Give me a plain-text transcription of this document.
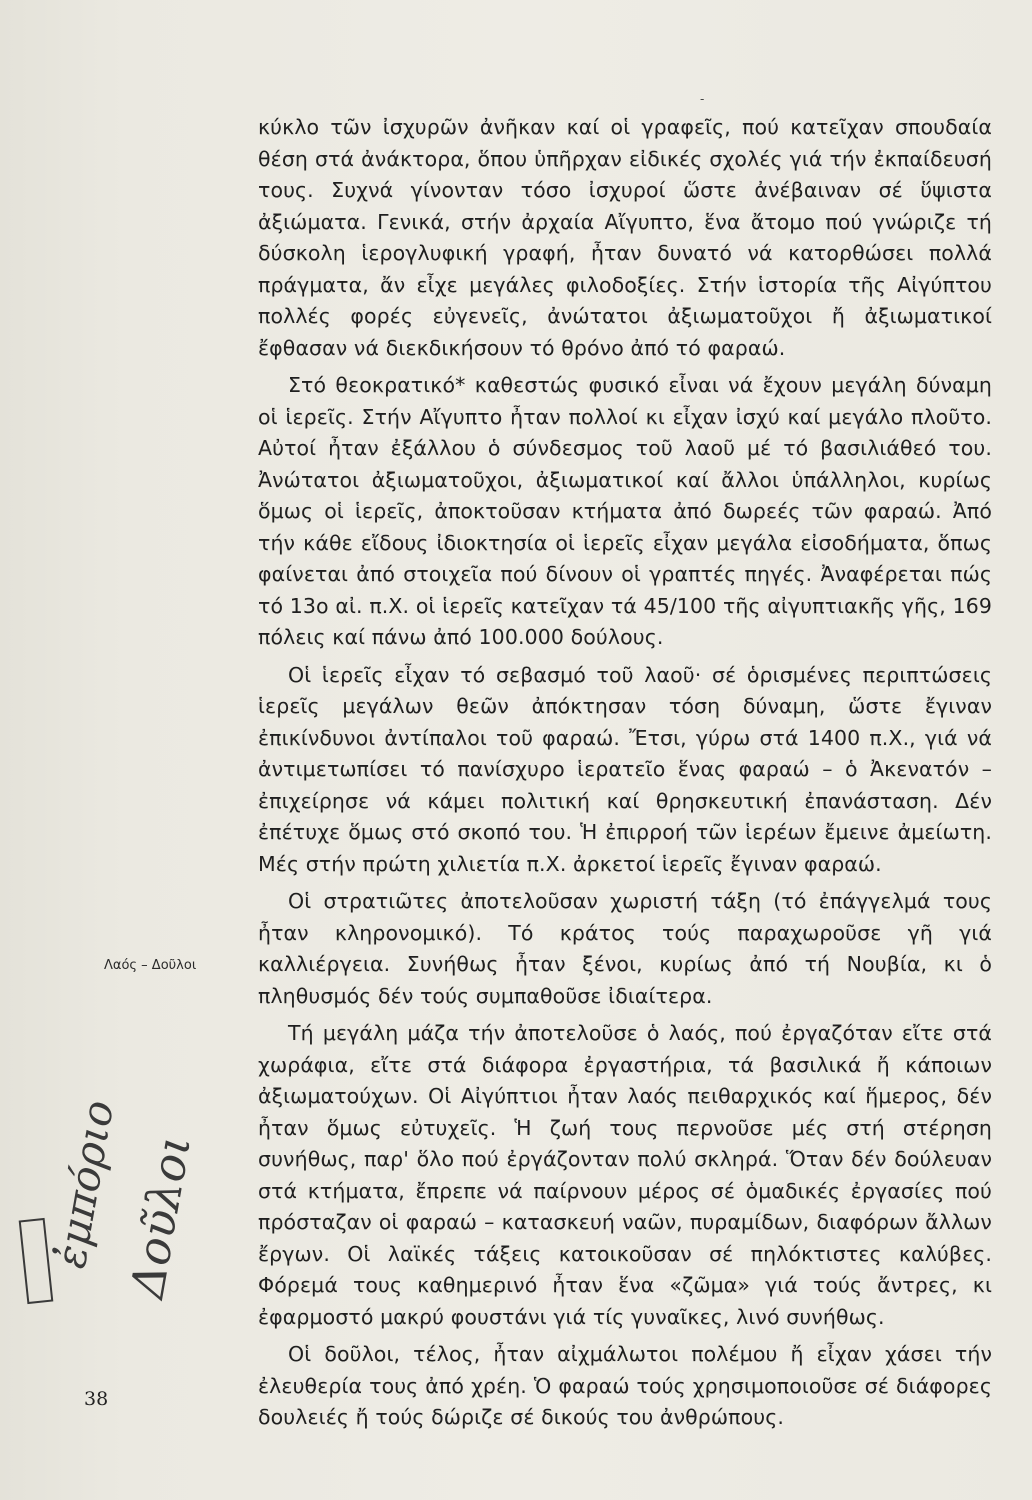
-

κύκλο τῶν ἰσχυρῶν ἀνῆκαν καί οἱ γραφεῖς, πού κατεῖχαν σπουδαία θέση στά ἀνάκτορα, ὅπου ὑπῆρχαν εἰδικές σχολές γιά τήν ἐκπαίδευσή τους. Συχνά γίνονταν τόσο ἰσχυροί ὥστε ἀνέβαιναν σέ ὕψιστα ἀξιώματα. Γενικά, στήν ἀρχαία Αἴγυπτο, ἕνα ἄτομο πού γνώριζε τή δύσκολη ἱερογλυφική γραφή, ἦταν δυνατό νά κατορθώσει πολλά πράγματα, ἄν εἶχε μεγάλες φιλοδοξίες. Στήν ἱστορία τῆς Αἰγύπτου πολλές φορές εὐγενεῖς, ἀνώτατοι ἀξιωματοῦχοι ἤ ἀξιωματικοί ἔφθασαν νά διεκδικήσουν τό θρόνο ἀπό τό φαραώ.

Στό θεοκρατικό* καθεστώς φυσικό εἶναι νά ἔχουν μεγάλη δύναμη οἱ ἱερεῖς. Στήν Αἴγυπτο ἦταν πολλοί κι εἶχαν ἰσχύ καί μεγάλο πλοῦτο. Αὐτοί ἦταν ἐξάλλου ὁ σύνδεσμος τοῦ λαοῦ μέ τό βασιλιάθεό του. Ἀνώτατοι ἀξιωματοῦχοι, ἀξιωματικοί καί ἄλλοι ὑπάλληλοι, κυρίως ὅμως οἱ ἱερεῖς, ἀποκτοῦσαν κτήματα ἀπό δωρεές τῶν φαραώ. Ἀπό τήν κάθε εἴδους ἰδιοκτησία οἱ ἱερεῖς εἶχαν μεγάλα εἰσοδήματα, ὅπως φαίνεται ἀπό στοιχεῖα πού δίνουν οἱ γραπτές πηγές. Ἀναφέρεται πώς τό 13ο αἰ. π.Χ. οἱ ἱερεῖς κατεῖχαν τά 45/100 τῆς αἰγυπτιακῆς γῆς, 169 πόλεις καί πάνω ἀπό 100.000 δούλους.

Οἱ ἱερεῖς εἶχαν τό σεβασμό τοῦ λαοῦ· σέ ὁρισμένες περιπτώσεις ἱερεῖς μεγάλων θεῶν ἀπόκτησαν τόση δύναμη, ὥστε ἔγιναν ἐπικίνδυνοι ἀντίπαλοι τοῦ φαραώ. Ἔτσι, γύρω στά 1400 π.Χ., γιά νά ἀντιμετωπίσει τό πανίσχυρο ἱερατεῖο ἕνας φαραώ – ὁ Ἀκενατόν – ἐπιχείρησε νά κάμει πολιτική καί θρησκευτική ἐπανάσταση. Δέν ἐπέτυχε ὅμως στό σκοπό του. Ἡ ἐπιρροή τῶν ἱερέων ἔμεινε ἀμείωτη. Μές στήν πρώτη χιλιετία π.Χ. ἀρκετοί ἱερεῖς ἔγιναν φαραώ.

Οἱ στρατιῶτες ἀποτελοῦσαν χωριστή τάξη (τό ἐπάγγελμά τους ἦταν κληρονομικό). Τό κράτος τούς παραχωροῦσε γῆ γιά καλλιέργεια. Συνήθως ἦταν ξένοι, κυρίως ἀπό τή Νουβία, κι ὁ πληθυσμός δέν τούς συμπαθοῦσε ἰδιαίτερα.

Τή μεγάλη μάζα τήν ἀποτελοῦσε ὁ λαός, πού ἐργαζόταν εἴτε στά χωράφια, εἴτε στά διάφορα ἐργαστήρια, τά βασιλικά ἤ κάποιων ἀξιωματούχων. Οἱ Αἰγύπτιοι ἦταν λαός πειθαρχικός καί ἥμερος, δέν ἦταν ὅμως εὐτυχεῖς. Ἡ ζωή τους περνοῦσε μές στή στέρηση συνήθως, παρ' ὅλο πού ἐργάζονταν πολύ σκληρά. Ὅταν δέν δούλευαν στά κτήματα, ἔπρεπε νά παίρνουν μέρος σέ ὁμαδικές ἐργασίες πού πρόσταζαν οἱ φαραώ – κατασκευή ναῶν, πυραμίδων, διαφόρων ἄλλων ἔργων. Οἱ λαϊκές τάξεις κατοικοῦσαν σέ πηλόκτιστες καλύβες. Φόρεμά τους καθημερινό ἦταν ἕνα «ζῶμα» γιά τούς ἄντρες, κι ἐφαρμοστό μακρύ φουστάνι γιά τίς γυναῖκες, λινό συνήθως.

Οἱ δοῦλοι, τέλος, ἦταν αἰχμάλωτοι πολέμου ἤ εἶχαν χάσει τήν ἐλευθερία τους ἀπό χρέη. Ὁ φαραώ τούς χρησιμοποιοῦσε σέ διάφορες δουλειές ἤ τούς δώριζε σέ δικούς του ἀνθρώπους.

Λαός – Δοῦλοι
ἐμπόριο
Δοῦλοι
38
